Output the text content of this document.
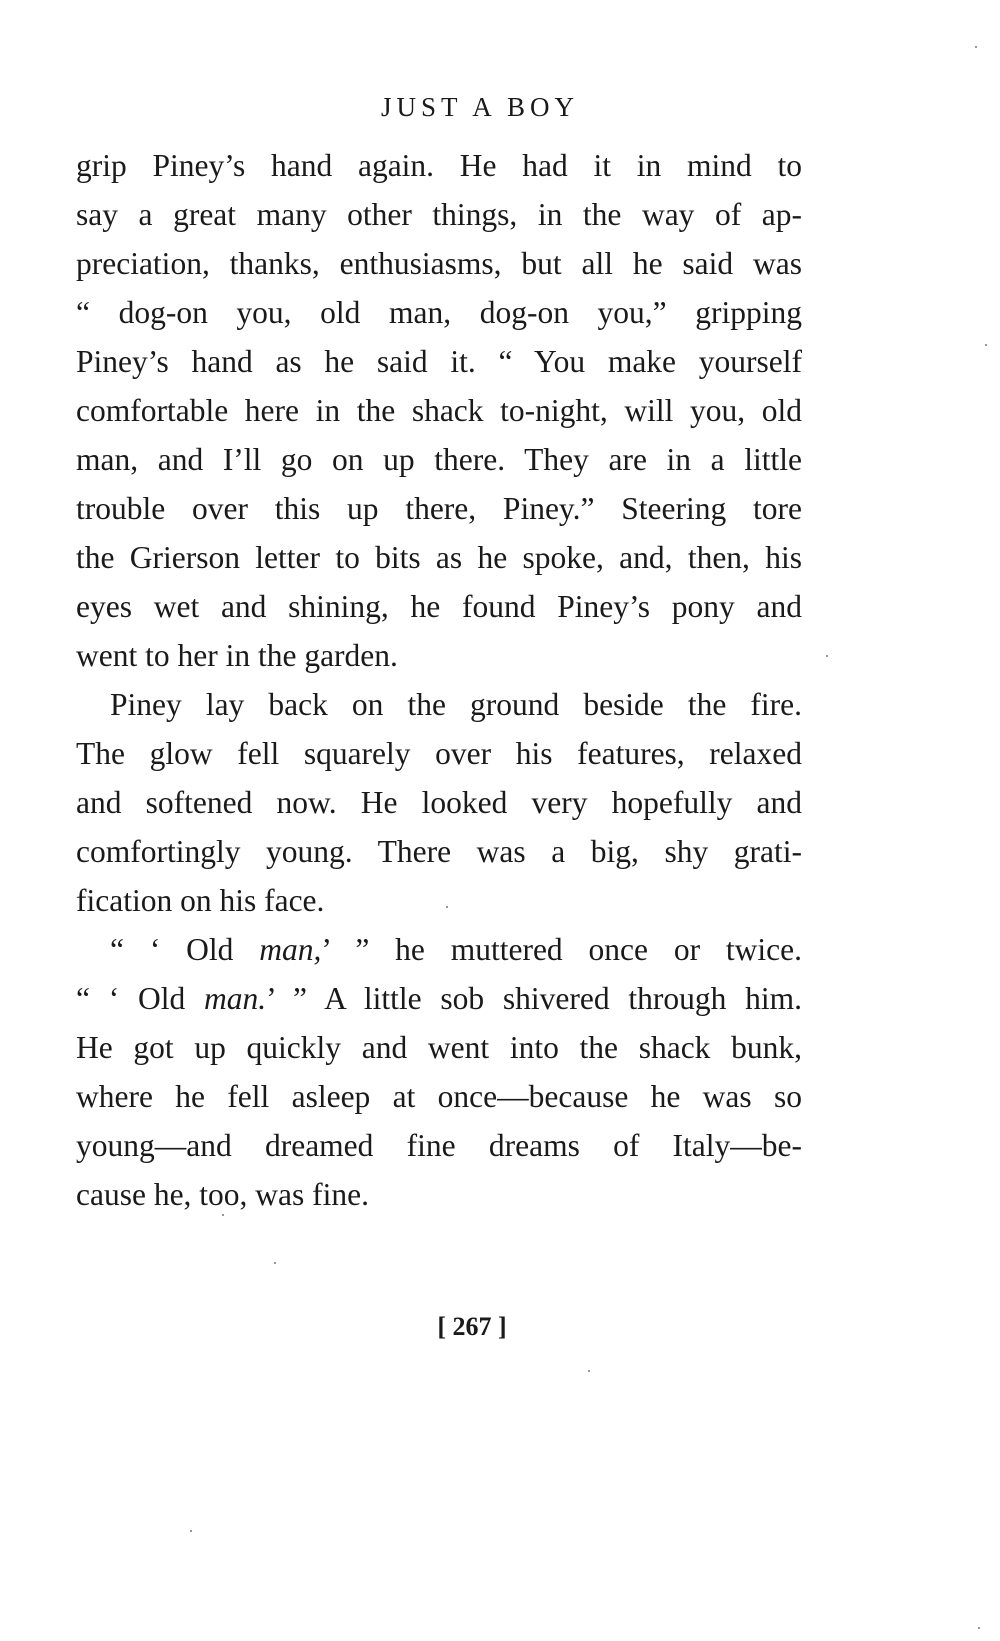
JUST A BOY
grip Piney’s hand again. He had it in mind to
say a great many other things, in the way of ap-
preciation, thanks, enthusiasms, but all he said was
“ dog-on you, old man, dog-on you,” gripping
Piney’s hand as he said it. “ You make yourself
comfortable here in the shack to-night, will you, old
man, and I’ll go on up there. They are in a little
trouble over this up there, Piney.” Steering tore
the Grierson letter to bits as he spoke, and, then, his
eyes wet and shining, he found Piney’s pony and
went to her in the garden.
Piney lay back on the ground beside the fire.
The glow fell squarely over his features, relaxed
and softened now. He looked very hopefully and
comfortingly young. There was a big, shy grati-
fication on his face.
“ ‘ Old man,’ ” he muttered once or twice.
“ ‘ Old man.’ ” A little sob shivered through him.
He got up quickly and went into the shack bunk,
where he fell asleep at once—because he was so
young—and dreamed fine dreams of Italy—be-
cause he, too, was fine.
[ 267 ]
